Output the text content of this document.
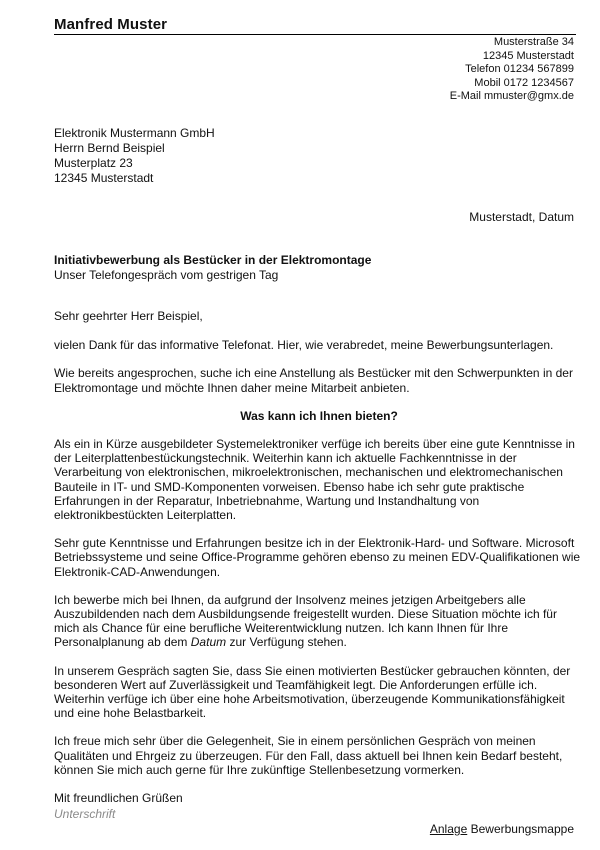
Manfred Muster
Musterstraße 34
12345 Musterstadt
Telefon 01234 567899
Mobil 0172 1234567
E-Mail mmuster@gmx.de
Elektronik Mustermann GmbH
Herrn Bernd Beispiel
Musterplatz 23
12345 Musterstadt
Musterstadt, Datum
Initiativbewerbung als Bestücker in der Elektromontage
Unser Telefongespräch vom gestrigen Tag

Sehr geehrter Herr Beispiel,

vielen Dank für das informative Telefonat. Hier, wie verabredet, meine Bewerbungsunterlagen.

Wie bereits angesprochen, suche ich eine Anstellung als Bestücker mit den Schwerpunkten in der Elektromontage und möchte Ihnen daher meine Mitarbeit anbieten.

Was kann ich Ihnen bieten?

Als ein in Kürze ausgebildeter Systemelektroniker verfüge ich bereits über eine gute Kenntnisse in der Leiterplattenbestückungstechnik. Weiterhin kann ich aktuelle Fachkenntnisse in der Verarbeitung von elektronischen, mikroelektronischen, mechanischen und elektromechanischen Bauteile in IT- und SMD-Komponenten vorweisen. Ebenso habe ich sehr gute praktische Erfahrungen in der Reparatur, Inbetriebnahme, Wartung und Instandhaltung von elektronikbestückten Leiterplatten.

Sehr gute Kenntnisse und Erfahrungen besitze ich in der Elektronik-Hard- und Software. Microsoft Betriebssysteme und seine Office-Programme gehören ebenso zu meinen EDV-Qualifikationen wie Elektronik-CAD-Anwendungen.

Ich bewerbe mich bei Ihnen, da aufgrund der Insolvenz meines jetzigen Arbeitgebers alle Auszubildenden nach dem Ausbildungsende freigestellt wurden. Diese Situation möchte ich für mich als Chance für eine berufliche Weiterentwicklung nutzen. Ich kann Ihnen für Ihre Personalplanung ab dem Datum zur Verfügung stehen.

In unserem Gespräch sagten Sie, dass Sie einen motivierten Bestücker gebrauchen könnten, der besonderen Wert auf Zuverlässigkeit und Teamfähigkeit legt. Die Anforderungen erfülle ich. Weiterhin verfüge ich über eine hohe Arbeitsmotivation, überzeugende Kommunikationsfähigkeit und eine hohe Belastbarkeit.

Ich freue mich sehr über die Gelegenheit, Sie in einem persönlichen Gespräch von meinen Qualitäten und Ehrgeiz zu überzeugen. Für den Fall, dass aktuell bei Ihnen kein Bedarf besteht, können Sie mich auch gerne für Ihre zukünftige Stellenbesetzung vormerken.

Mit freundlichen Grüßen

Unterschrift
Anlage Bewerbungsmappe
